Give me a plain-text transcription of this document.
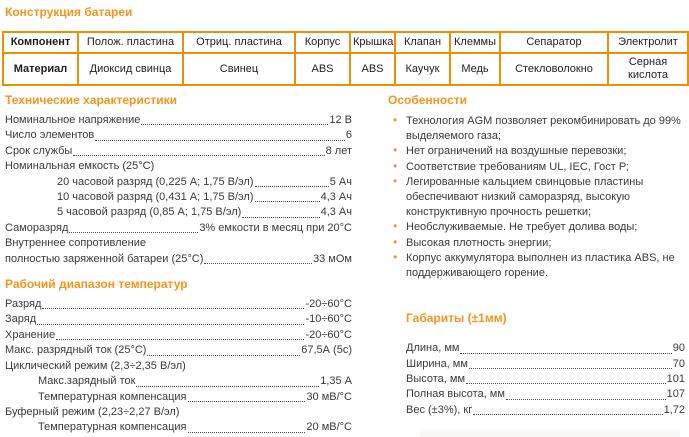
Конструкция батареи
Компонент	Полож. пластина	Отриц. пластина	Корпус	Крышка	Клапан	Клеммы	Сепаратор	Электролит
Материал	Диоксид свинца	Свинец	ABS	ABS	Каучук	Медь	Стекловолокно	Серная кислота
Технические характеристики
Номинальное напряжение	12 В
Число элементов	6
Срок службы	8 лет
Номинальная емкость (25°C)
20 часовой разряд (0,225 А; 1,75 В/эл)	5 Ач
10 часовой разряд (0,431 А; 1,75 В/эл)	4,3 Ач
5 часовой разряд (0,85 А; 1,75 В/эл)	4,3 Ач
Саморазряд	3% емкости в месяц при 20°C
Внутреннее сопротивление
полностью заряженной батареи (25°C)	33 мОм
Рабочий диапазон температур
Разряд	-20÷60°C
Заряд	-10÷60°C
Хранение	-20÷60°C
Макс. разрядный ток (25°C)	67,5А (5с)
Циклический режим (2,3÷2,35 В/эл)
Макс.зарядный ток	1,35 А
Температурная компенсация	30 мВ/°C
Буферный режим (2,23÷2,27 В/эл)
Температурная компенсация	20 мВ/°C
Особенности
• Технология AGM позволяет рекомбинировать до 99% выделяемого газа;
• Нет ограничений на воздушные перевозки;
• Соответствие требованиям UL, IEC, Гост Р;
• Легированные кальцием свинцовые пластины обеспечивают низкий саморазряд, высокую конструктивную прочность решетки;
• Необслуживаемые. Не требует долива воды;
• Высокая плотность энергии;
• Корпус аккумулятора выполнен из пластика ABS, не поддерживающего горение.
Габариты (±1мм)
Длина, мм	90
Ширина, мм	70
Высота, мм	101
Полная высота, мм	107
Вес (±3%), кг	1,72
